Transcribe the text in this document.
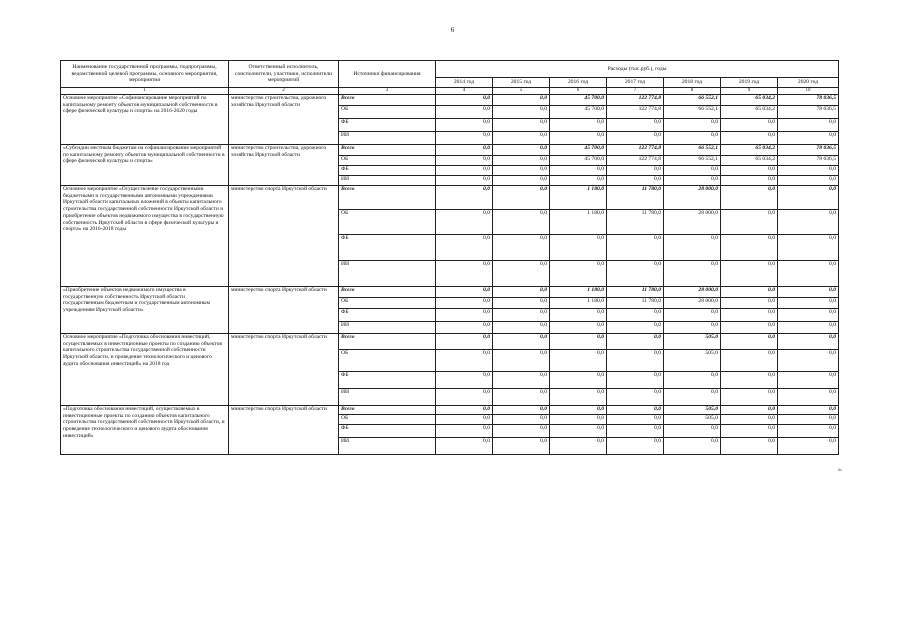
6
Наименование государственной программы, подпрограммы, ведомственной целевой программы, основного мероприятия, мероприятия	Ответственный исполнитель, соисполнители, участники, исполнители мероприятий	Источники финансирования	Расходы (тыс.руб.), годы						
			2014 год	2015 год	2016 год	2017 год	2018 год	2019 год	2020 год
1	2	3	4	5	6	7	8	9	10
Основное мероприятие «Софинансирование мероприятий по капитальному ремонту объектов муниципальной собственности в сфере физической культуры и спорта» на 2016-2020 годы	министерство строительства, дорожного хозяйства Иркутской области	Всего	0,0	0,0	45 700,0	122 774,8	66 552,1	65 034,2	78 036,5
		ОБ	0,0	0,0	45 700,0	122 774,8	66 552,1	65 034,2	78 036,5
		ФБ	0,0	0,0	0,0	0,0	0,0	0,0	0,0
		ИИ	0,0	0,0	0,0	0,0	0,0	0,0	0,0
«Субсидии местным бюджетам на софинансирование мероприятий по капитальному ремонту объектов муниципальной собственности в сфере физической культуры и спорта»	министерство строительства, дорожного хозяйства Иркутской области	Всего	0,0	0,0	45 700,0	122 774,8	66 552,1	65 034,2	78 036,5
		ОБ	0,0	0,0	45 700,0	122 774,8	66 552,1	65 034,2	78 036,5
		ФБ	0,0	0,0	0,0	0,0	0,0	0,0	0,0
		ИИ	0,0	0,0	0,0	0,0	0,0	0,0	0,0
Основное мероприятие «Осуществление государственными бюджетными и государственными автономными учреждениями Иркутской области капитальных вложений в объекты капитального строительства государственной собственности Иркутской области и приобретение объектов недвижимого имущества в государственную собственность Иркутской области в сфере физической культуры и спорта» на 2016-2018 годы	министерство спорта Иркутской области	Всего	0,0	0,0	1 180,0	11 780,0	28 000,0	0,0	0,0
		ОБ	0,0	0,0	1 180,0	11 780,0	28 000,0	0,0	0,0
		ФБ	0,0	0,0	0,0	0,0	0,0	0,0	0,0
		ИИ	0,0	0,0	0,0	0,0	0,0	0,0	0,0
«Приобретение объектов недвижимого имущества в государственную собственность Иркутской области государственным бюджетным и государственным автономным учреждениям Иркутской области»	министерство спорта Иркутской области	Всего	0,0	0,0	1 180,0	11 780,0	28 000,0	0,0	0,0
		ОБ	0,0	0,0	1 180,0	11 780,0	28 000,0	0,0	0,0
		ФБ	0,0	0,0	0,0	0,0	0,0	0,0	0,0
		ИИ	0,0	0,0	0,0	0,0	0,0	0,0	0,0
Основное мероприятие «Подготовка обоснования инвестиций, осуществляемых в инвестиционные проекты по созданию объектов капитального строительства государственной собственности Иркутской области, и проведение технологического и ценового аудита обоснования инвестиций» на 2018 год	министерство спорта Иркутской области	Всего	0,0	0,0	0,0	0,0	505,0	0,0	0,0
		ОБ	0,0	0,0	0,0	0,0	505,0	0,0	0,0
		ФБ	0,0	0,0	0,0	0,0	0,0	0,0	0,0
		ИИ	0,0	0,0	0,0	0,0	0,0	0,0	0,0
«Подготовка обоснования инвестиций, осуществляемых в инвестиционные проекты по созданию объектов капитального строительства государственной собственности Иркутской области, и проведение технологического и ценового аудита обоснования инвестиций»	министерство спорта Иркутской области	Всего	0,0	0,0	0,0	0,0	505,0	0,0	0,0
		ОБ	0,0	0,0	0,0	0,0	505,0	0,0	0,0
		ФБ	0,0	0,0	0,0	0,0	0,0	0,0	0,0
		ИИ	0,0	0,0	0,0	0,0	0,0	0,0	0,0
».
